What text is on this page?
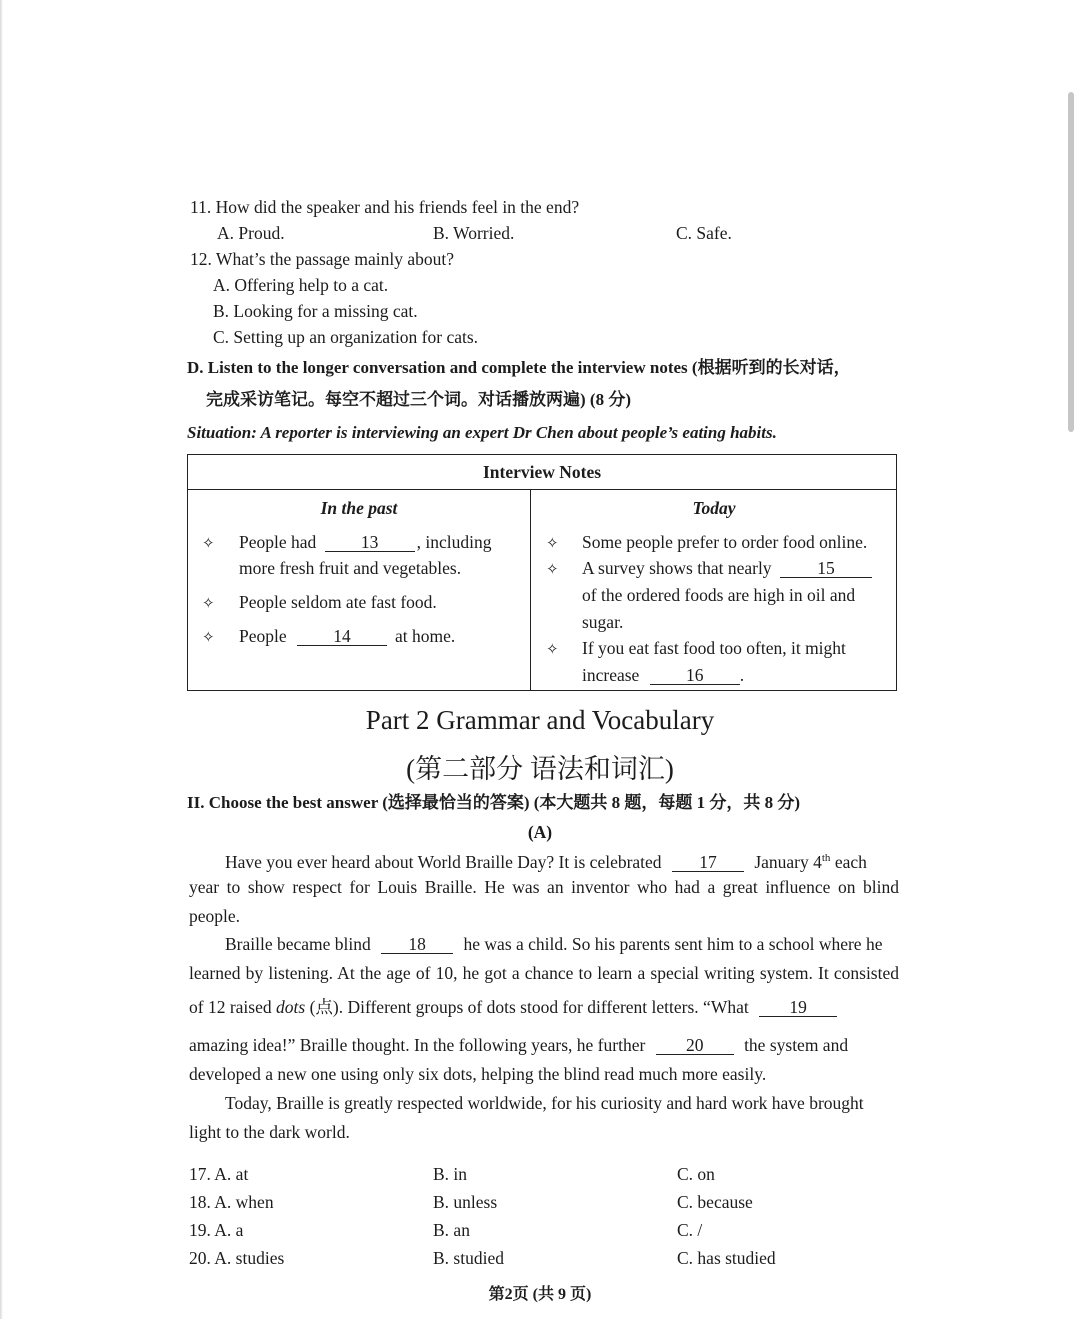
11. How did the speaker and his friends feel in the end?
A. Proud.	B. Worried.	C. Safe.
12. What’s the passage mainly about?
A. Offering help to a cat.
B. Looking for a missing cat.
C. Setting up an organization for cats.
D. Listen to the longer conversation and complete the interview notes (根据听到的长对话，
完成采访笔记。每空不超过三个词。对话播放两遍) (8 分)
Situation: A reporter is interviewing an expert Dr Chen about people’s eating habits.
Interview Notes

In the past
✧ People had	13 , including
more fresh fruit and vegetables.
✧ People seldom ate fast food.
✧ People	14	at home.

Today
✧ Some people prefer to order food online.
✧ A survey shows that nearly	15
of the ordered foods are high in oil and
sugar.
✧ If you eat fast food too often, it might
increase	16 .
Part 2 Grammar and Vocabulary
(第二部分 语法和词汇)
II. Choose the best answer (选择最恰当的答案) (本大题共 8 题，每题 1 分，共 8 分)
(A)
Have you ever heard about World Braille Day? It is celebrated 17 January 4th each
year to show respect for Louis Braille. He was an inventor who had a great influence on blind
people.
Braille became blind 18 he was a child. So his parents sent him to a school where he
learned by listening. At the age of 10, he got a chance to learn a special writing system. It consisted
of 12 raised dots (点). Different groups of dots stood for different letters. “What 19
amazing idea!” Braille thought. In the following years, he further 20 the system and
developed a new one using only six dots, helping the blind read much more easily.
Today, Braille is greatly respected worldwide, for his curiosity and hard work have brought
light to the dark world.
17. A. at	B. in	C. on
18. A. when	B. unless	C. because
19. A. a	B. an	C. /
20. A. studies	B. studied	C. has studied
第2页 (共 9 页)
